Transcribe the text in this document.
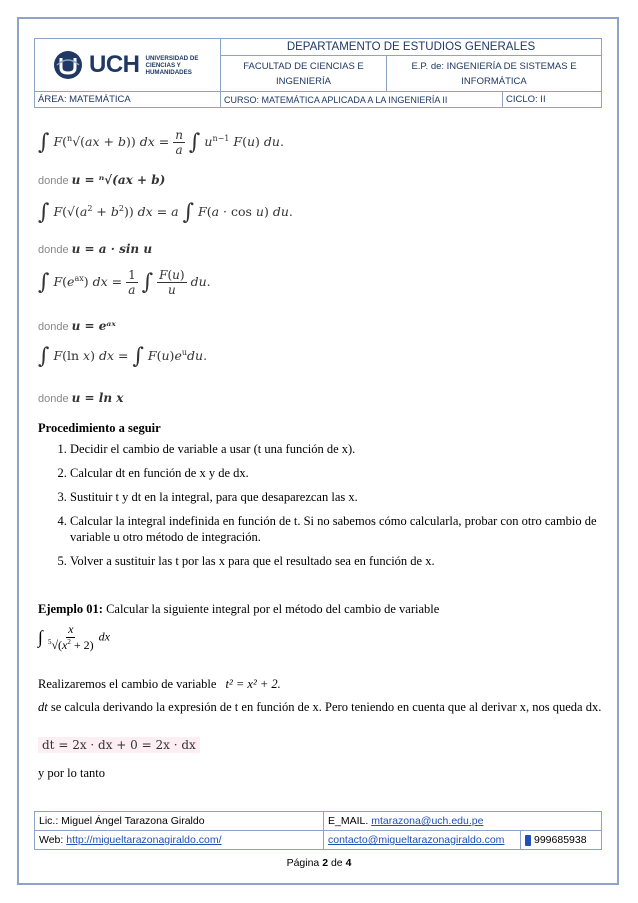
UCH UNIVERSIDAD DE CIENCIAS Y HUMANIDADES	DEPARTAMENTO DE ESTUDIOS GENERALES		
	FACULTAD DE CIENCIAS E INGENIERÍA	E.P. de: INGENIERÍA DE SISTEMAS E INFORMÁTICA	
ÁREA: MATEMÁTICA	CURSO: MATEMÁTICA APLICADA A LA INGENIERÍA II		CICLO: II
∫ F($^n$√(ax + b)) dx = $\frac{n}{a}$ ∫ $u^{n-1}$ F(u) du.
donde u = ⁿ√(ax + b)
∫ $F(√(a^2 + b^2))$ dx = a ∫ F(a · cos u) du.
donde u = a · sin u
∫ $F(e^{ax})$ dx = $\frac{1}{a}$ ∫ $\frac{F(u)}{u}$ du.
donde u = eᵃˣ
∫ F(ln x) dx = ∫ $F(u)e^udu$.
donde u = ln x
Procedimiento a seguir
1. Decidir el cambio de variable a usar (t una función de x).
2. Calcular dt en función de x y de dx.
3. Sustituir t y dt en la integral, para que desaparezcan las x.
4. Calcular la integral indefinida en función de t. Si no sabemos cómo calcularla, probar con otro cambio de variable u otro método de integración.
5. Volver a sustituir las t por las x para que el resultado sea en función de x.
Ejemplo 01: Calcular la siguiente integral por el método del cambio de variable
∫ $\frac{x}{^5√(x^2 + 2)}$ dx
Realizaremos el cambio de variable t² = x² + 2.
dt se calcula derivando la expresión de t en función de x. Pero teniendo en cuenta que al derivar x, nos queda dx.
dt = 2x · dx + 0 = 2x · dx
y por lo tanto
Lic.: Miguel Ángel Tarazona Giraldo	E_MAIL. mtarazona@uch.edu.pe	
Web: http://migueltarazonagiraldo.com/	contacto@migueltarazonagiraldo.com	999685938
Página 2 de 4
